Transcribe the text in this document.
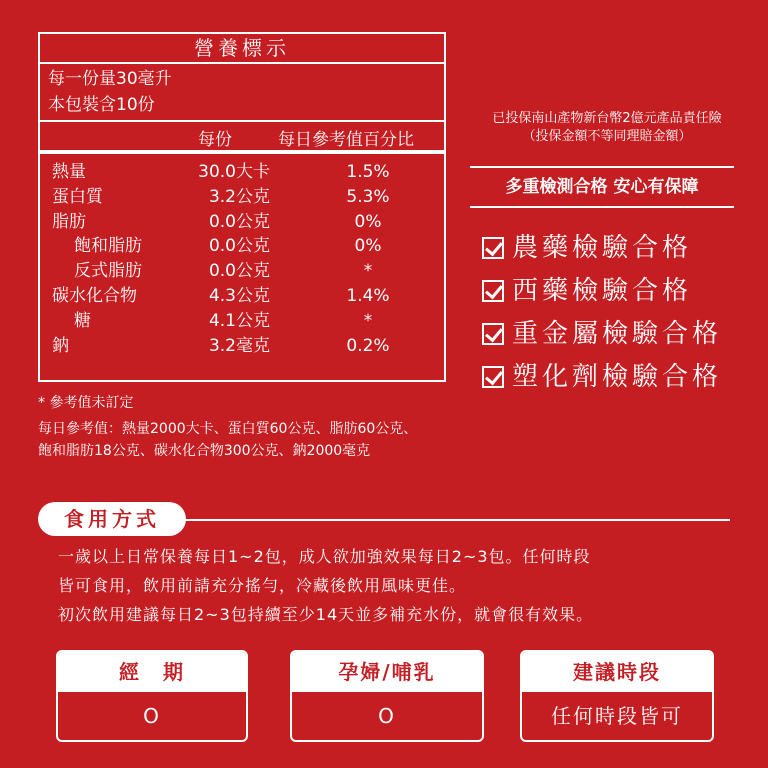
營養標示
每一份量30毫升
本包裝含10份
每份	每日參考值百分比
熱量	30.0大卡	1.5%
蛋白質	3.2公克	5.3%
脂肪	0.0公克	0%
飽和脂肪	0.0公克	0%
反式脂肪	0.0公克	*
碳水化合物	4.3公克	1.4%
糖	4.1公克	*
鈉	3.2毫克	0.2%
* 參考值未訂定
每日參考值：熱量2000大卡、蛋白質60公克、脂肪60公克、
飽和脂肪18公克、碳水化合物300公克、鈉2000毫克
已投保南山產物新台幣2億元產品責任險
（投保金額不等同理賠金額）
多重檢測合格 安心有保障
農藥檢驗合格
西藥檢驗合格
重金屬檢驗合格
塑化劑檢驗合格
食用方式
一歲以上日常保養每日1~2包，成人欲加強效果每日2~3包。任何時段
皆可食用，飲用前請充分搖勻，冷藏後飲用風味更佳。
初次飲用建議每日2~3包持續至少14天並多補充水份，就會很有效果。
經　期
O
孕婦/哺乳
O
建議時段
任何時段皆可
